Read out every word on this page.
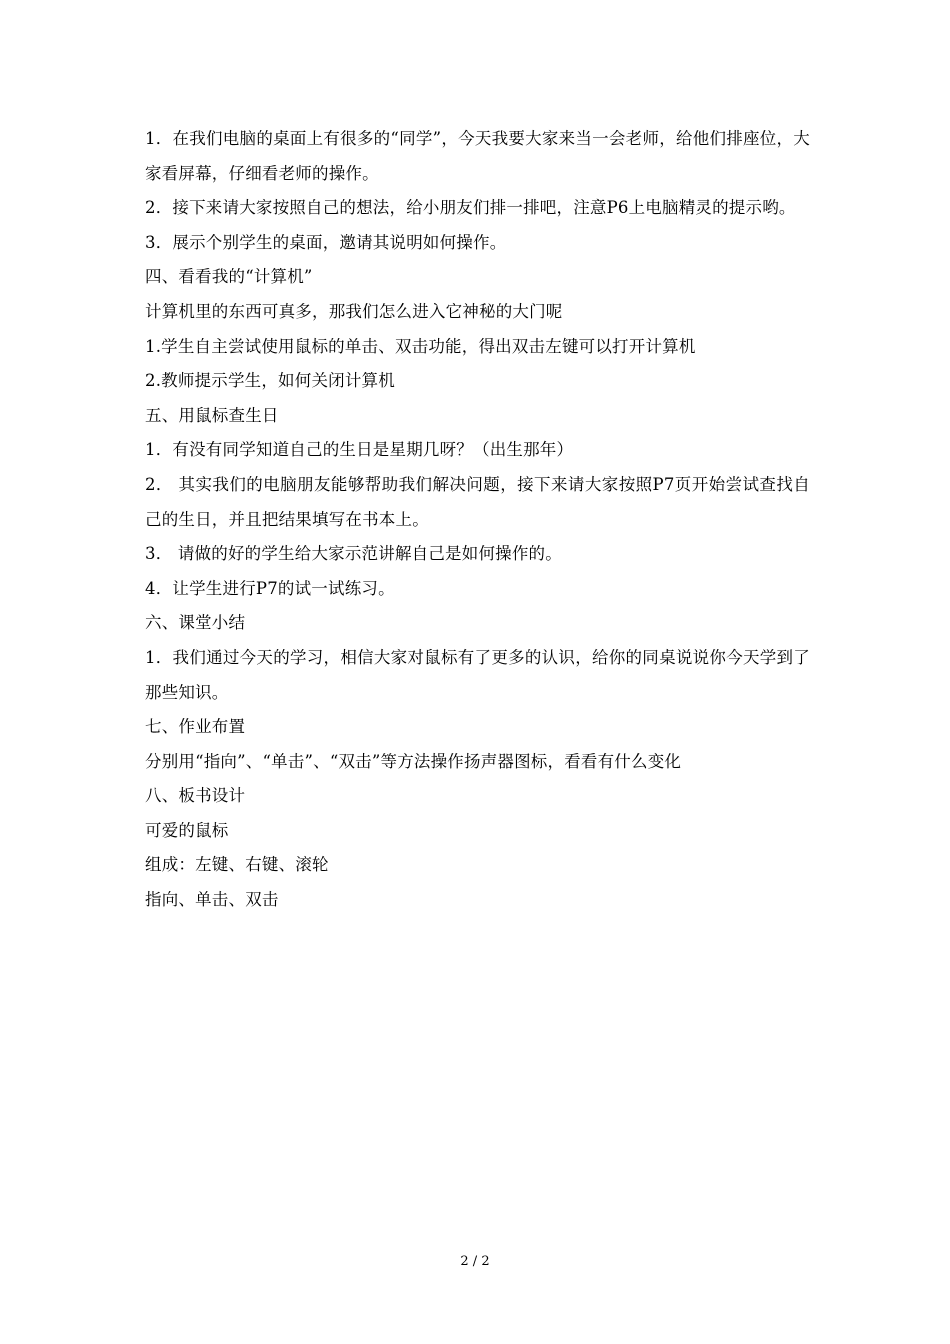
1．在我们电脑的桌面上有很多的“同学”，今天我要大家来当一会老师，给他们排座位，大家看屏幕，仔细看老师的操作。
2．接下来请大家按照自己的想法，给小朋友们排一排吧，注意P6上电脑精灵的提示哟。
3．展示个别学生的桌面，邀请其说明如何操作。
四、看看我的“计算机”
计算机里的东西可真多，那我们怎么进入它神秘的大门呢
1.学生自主尝试使用鼠标的单击、双击功能，得出双击左键可以打开计算机
2.教师提示学生，如何关闭计算机
五、用鼠标查生日
1．有没有同学知道自己的生日是星期几呀？（出生那年）
2． 其实我们的电脑朋友能够帮助我们解决问题，接下来请大家按照P7页开始尝试查找自己的生日，并且把结果填写在书本上。
3． 请做的好的学生给大家示范讲解自己是如何操作的。
4．让学生进行P7的试一试练习。
六、课堂小结
1．我们通过今天的学习，相信大家对鼠标有了更多的认识，给你的同桌说说你今天学到了那些知识。
七、作业布置
分别用“指向”、“单击”、“双击”等方法操作扬声器图标，看看有什么变化
八、板书设计
可爱的鼠标
组成：左键、右键、滚轮
指向、单击、双击
2 / 2
